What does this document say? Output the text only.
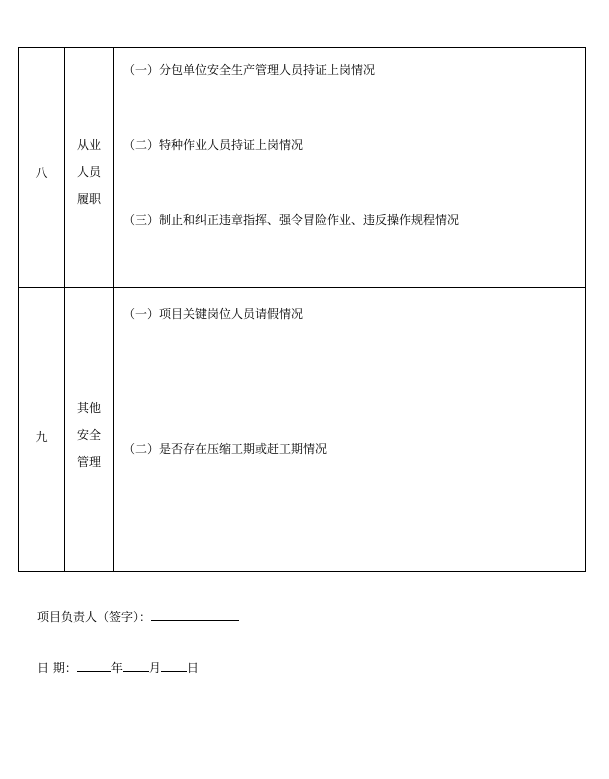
八
从业
人员
履职
（一）分包单位安全生产管理人员持证上岗情况
（二）特种作业人员持证上岗情况
（三）制止和纠正违章指挥、强令冒险作业、违反操作规程情况
九
其他
安全
管理
（一）项目关键岗位人员请假情况
（二）是否存在压缩工期或赶工期情况
项目负责人（签字）：
日 期：	年 月 日
